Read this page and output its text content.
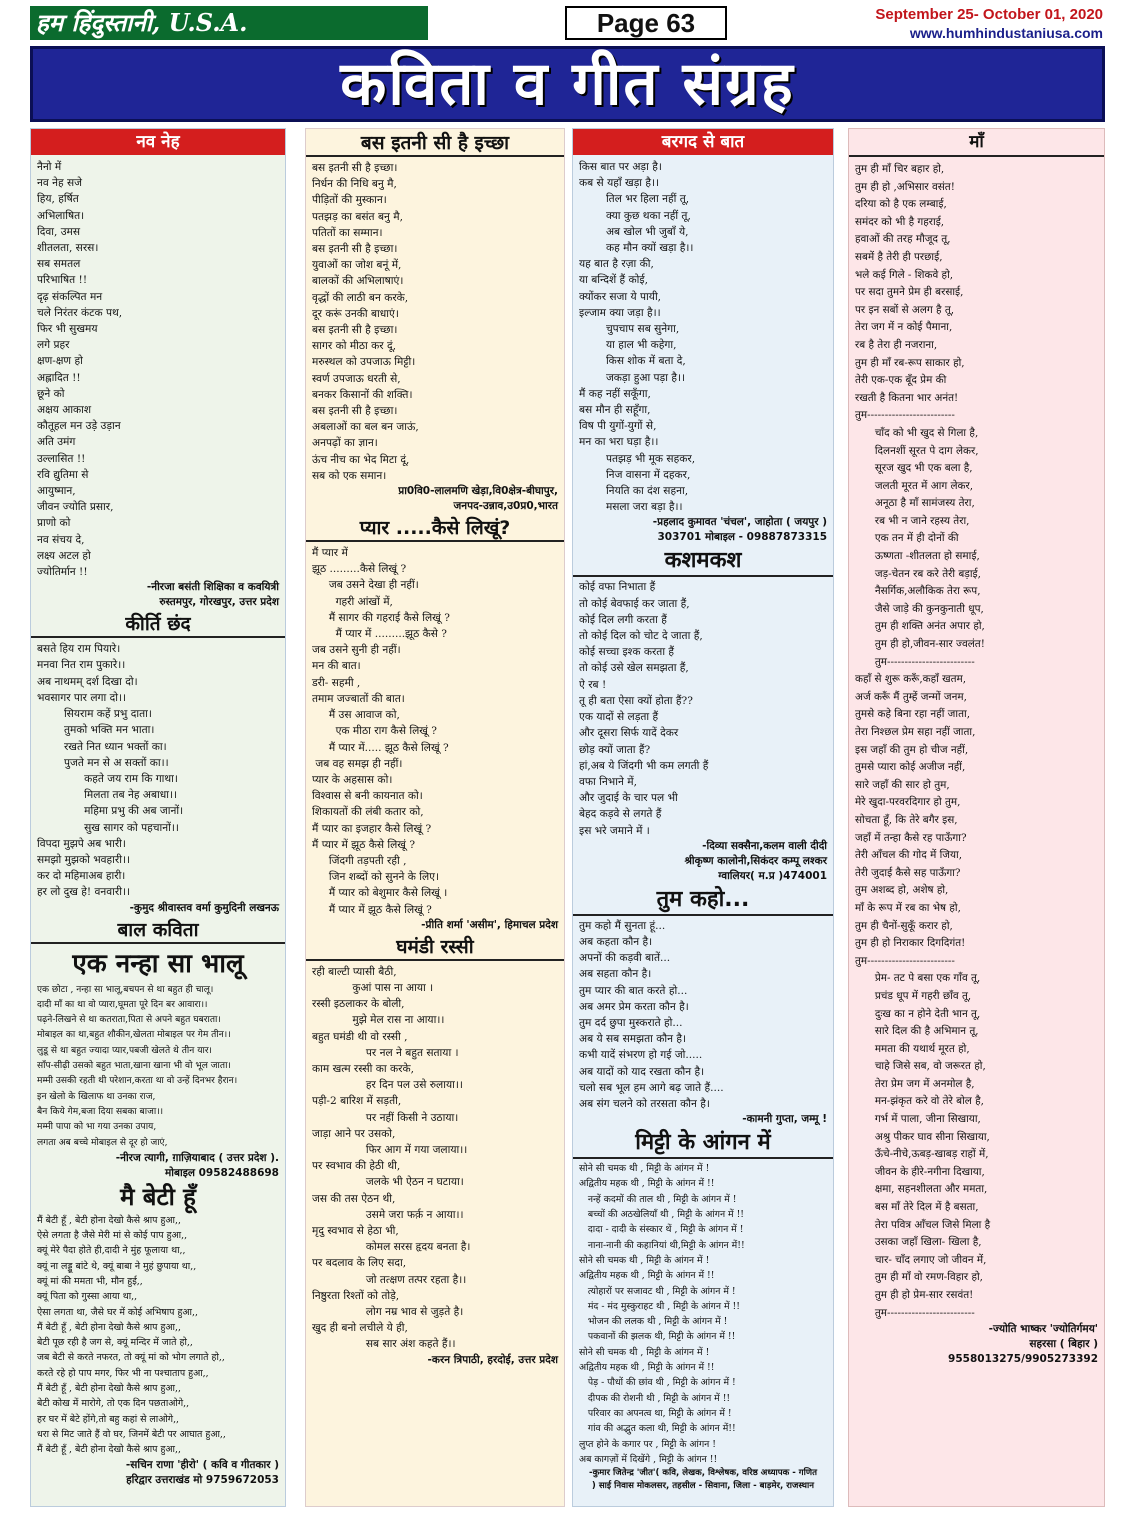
हम हिंदुस्तानी, U.S.A.	Page 63	September 25- October 01, 2020
www.humhindustaniusa.com
कविता व गीत संग्रह
नव नेह
नैनो में
नव नेह सजे
हिय, हर्षित
अभिलाषित।
दिवा, उमस
शीतलता, सरस।
सब समतल
परिभाषित !!
दृढ़ संकल्पित मन
चले निरंतर कंटक पथ,
फिर भी सुखमय
लगे प्रहर
क्षण-क्षण हो
अह्लादित !!
छूने को
अक्षय आकाश
कौतूहल मन उड़े उड़ान
अति उमंग
उल्लासित !!
रवि द्युतिमा से
आयुष्मान,
जीवन ज्योति प्रसार,
प्राणो को
नव संचय दे,
लक्ष्य अटल हो
ज्योतिर्मान !!
-नीरजा बसंती शिक्षिका व कवयित्री
रुस्तमपुर, गोरखपुर, उत्तर प्रदेश
कीर्ति छंद
बसते हिय राम पियारे।
मनवा नित राम पुकारे।।
अब नाथमम् दर्श दिखा दो।
भवसागर पार लगा दो।।
सियराम कहें प्रभु दाता।
तुमको भक्ति मन भाता।
रखते नित ध्यान भक्तों का।
पुजते मन से अ सक्तों का।।
कहते जय राम कि गाथा।
मिलता तब नेह अबाधा।।
महिमा प्रभु की अब जानों।
सुख सागर को पहचानों।।
विपदा मुझपे अब भारी।
समझो मुझको भवहारी।।
कर दो महिमाअब हारी।
हर लो दुख हे! वनवारी।।
-कुमुद श्रीवास्तव वर्मा कुमुदिनी लखनऊ
बाल कविता
एक नन्हा सा भालू
एक छोटा , नन्हा सा भालू,बचपन से था बहुत ही चालू।
दादी माँ का था वो प्यारा,घूमता पूरे दिन बर आवारा।।
पढ़ने-लिखने से था कतराता,पिता से अपने बहुत घबराता।
मोबाइल का था,बहुत शौकीन,खेलता मोबाइल पर गेम तीन।।
लुडू से था बहुत ज्यादा प्यार,पबजी खेलते थे तीन यार।
साँप-सीढ़ी उसको बहुत भाता,खाना खाना भी वो भूल जाता।
मम्मी उसकी रहती थी परेशान,करता था वो उन्हें दिनभर हैरान।
इन खेलो के खिलाफ था उनका राज,
बैन किये गेम,बजा दिया सबका बाजा।।
मम्मी पापा को भा गया उनका उपाय,
लगता अब बच्चे मोबाइल से दूर हो जाएं,
-नीरज त्यागी, ग़ाज़ियाबाद ( उत्तर प्रदेश ).
मोबाइल 09582488698
मै बेटी हूँ
मैं बेटी हूँ , बेटी होना देखो कैसे श्राप हुआ,,
ऐसे लगता है जैसे मेरी मां से कोई पाप हुआ,,
क्यूं मेरे पैदा होते ही,दादी ने मुंह फूलाया था,,
क्यूं ना लड्डू बांटे थे, क्यूं बाबा ने मुहं छुपाया था,,
क्यूं मां की ममता भी, मौन हुई,,
क्यूं पिता को गुस्सा आया था,,
ऐसा लगता था, जैसे घर में कोई अभिषाप हुआ,,
मैं बेटी हूँ , बेटी होना देखो कैसे श्राप हुआ,,
बेटी पूछ रही है जग से, क्यूं मन्दिर में जाते हो,,
जब बेटी से करते नफरत, तो क्यूं मां को भोग लगाते हो,,
करते रहे हो पाप मगर, फिर भी ना पश्चाताप हुआ,,
मैं बेटी हूँ , बेटी होना देखो कैसे श्राप हुआ,,
बेटी कोख में मारोगे, तो एक दिन पछताओगे,,
हर घर में बेटे होंगे,तो बहु कहां से लाओगे,,
धरा से मिट जाते हैं वो घर, जिनमें बेटी पर आघात हुआ,,
मैं बेटी हूँ , बेटी होना देखो कैसे श्राप हुआ,,
-सचिन राणा 'हीरो' ( कवि व गीतकार )
हरिद्वार उत्तराखंड मो 9759672053
बस इतनी सी है इच्छा
बस इतनी सी है इच्छा।
निर्धन की निधि बनु मै,
पीड़ितों की मुस्कान।
पतझड़ का बसंत बनु मै,
पतितों का सम्मान।
बस इतनी सी है इच्छा।
युवाओं का जोश बनूं में,
बालकों की अभिलाषाएं।
वृद्धों की लाठी बन करके,
दूर करूं उनकी बाधाएं।
बस इतनी सी है इच्छा।
सागर को मीठा कर दूं,
मरुस्थल को उपजाऊ मिट्टी।
स्वर्ण उपजाऊ धरती से,
बनकर किसानों की शक्ति।
बस इतनी सी है इच्छा।
अबलाओं का बल बन जाऊं,
अनपढ़ों का ज्ञान।
ऊंच नीच का भेद मिटा दूं,
सब को एक समान।
प्रा0वि0-लालमणि खेड़ा,वि0क्षेत्र-बीघापुर,
जनपद-उन्नाव,उ0प्र0,भारत
प्यार .....कैसे लिखूं?
मैं प्यार में
झूठ .........कैसे लिखूं ?
जब उसने देखा ही नहीं।
गहरी आंखों में,
मैं सागर की गहराई कैसे लिखूं ?
मैं प्यार में .........झूठ कैसे ?
जब उसने सुनी ही नहीं।
मन की बात।
डरी- सहमी ,
तमाम जज्बातों की बात।
मैं उस आवाज को,
एक मीठा राग कैसे लिखूं ?
मैं प्यार में..... झूठ कैसे लिखूं ?
जब वह समझ ही नहीं।
प्यार के अहसास को।
विश्वास से बनी कायनात को।
शिकायतों की लंबी कतार को,
मैं प्यार का इजहार कैसे लिखूं ?
मैं प्यार में झूठ कैसे लिखूं ?
जिंदगी तड़पती रही ,
जिन शब्दों को सुनने के लिए।
मैं प्यार को बेशुमार कैसे लिखूं ।
मैं प्यार में झूठ कैसे लिखूं ?
-प्रीति शर्मा 'असीम', हिमाचल प्रदेश
घमंडी रस्सी
रही बाल्टी प्यासी बैठी,
कुआं पास ना आया ।
रस्सी इठलाकर के बोली,
मुझे मेल रास ना आया।।
बहुत घमंडी थी वो रस्सी ,
पर नल ने बहुत सताया ।
काम खत्म रस्सी का करके,
हर दिन पल उसे रुलाया।।
पड़ी-2 बारिश में सड़ती,
पर नहीं किसी ने उठाया।
जाड़ा आने पर उसको,
फिर आग में गया जलाया।।
पर स्वभाव की हेठी थी,
जलके भी ऐठन न घटाया।
जस की तस ऐठन थी,
उसमे जरा फर्क़ न आया।।
मृदु स्वभाव से हेठा भी,
कोमल सरस हृदय बनता है।
पर बदलाव के लिए सदा,
जो तत्क्षण तत्पर रहता है।।
निष्ठुरता रिश्तों को तोड़े,
लोग नम्र भाव से जुड़ते है।
खुद ही बनो लचीले ये ही,
सब सार अंश कहते हैं।।
-करन त्रिपाठी, हरदोई, उत्तर प्रदेश
बरगद से बात
किस बात पर अड़ा है।
कब से यहाँ खड़ा है।।
तिल भर हिला नहीं तू,
क्या कुछ थका नहीं तू,
अब खोल भी जुबाँ ये,
कह मौन क्यों खड़ा है।।
यह बात है रज़ा की,
या बन्दिशें हैं कोई,
क्योंकर सजा ये पायी,
इल्जाम क्या जड़ा है।।
चुपचाप सब सुनेगा,
या हाल भी कहेगा,
किस शोक में बता दे,
जकड़ा हुआ पड़ा है।।
मैं कह नहीं सकूँगा,
बस मौन ही सहूँगा,
विष पी युगों-युगों से,
मन का भरा घड़ा है।।
पतझड़ भी मूक सहकर,
निज वासना में दहकर,
नियति का दंश सहना,
मसला जरा बड़ा है।।
-प्रहलाद कुमावत 'चंचल', जाहोता ( जयपुर )
303701 मोबाइल - 09887873315
कशमकश
कोई वफा निभाता हैं
तो कोई बेवफाई कर जाता हैं,
कोई दिल लगी करता हैं
तो कोई दिल को चोट दे जाता हैं,
कोई सच्चा इश्क करता हैं
तो कोई उसे खेल समझता हैं,
ऐ रब !
तू ही बता ऐसा क्यों होता हैं??
एक यादों से लड़ता हैं
और दूसरा सिर्फ यादें देकर
छोड़ क्यों जाता हैं?
हां,अब ये जिंदगी भी कम लगती हैं
वफा निभाने में,
और जुदाई के चार पल भी
बेहद कड़वे से लगते हैं
इस भरे जमाने में ।
-दिव्या सक्सैना,कलम वाली दीदी
श्रीकृष्ण कालोनी,सिकंदर कम्पू लश्कर
ग्वालियर( म.प्र )474001
तुम कहो...
तुम कहो मैं सुनता हूं...
अब कहता कौन है।
अपनों की कड़वी बातें...
अब सहता कौन है।
तुम प्यार की बात करते हो...
अब अमर प्रेम करता कौन है।
तुम दर्द छुपा मुस्कराते हो...
अब ये सब समझता कौन है।
कभी यादें संभरण हो गई जो.....
अब यादों को याद रखता कौन है।
चलो सब भूल हम आगे बढ़ जाते हैं....
अब संग चलने को तरसता कौन है।
-कामनी गुप्ता, जम्मू !
मिट्टी के आंगन में
सोने सी चमक थी , मिट्टी के आंगन में !
अद्वितीय महक थी , मिट्टी के आंगन में !!
नन्हें कदमों की ताल थी , मिट्टी के आंगन में !
बच्चों की अठखेलियाँ थी , मिट्टी के आंगन में !!
दादा - दादी के संस्कार थें , मिट्टी के आंगन में !
नाना-नानी की कहानियां थी,मिट्टी के आंगन में!!
सोने सी चमक थी , मिट्टी के आंगन में !
अद्वितीय महक थी , मिट्टी के आंगन में !!
त्योहारों पर सजावट थी , मिट्टी के आंगन में !
मंद - मंद मुस्कुराहट थी , मिट्टी के आंगन में !!
भोजन की ललक थी , मिट्टी के आंगन में !
पकवानों की झलक थी, मिट्टी के आंगन में !!
सोने सी चमक थी , मिट्टी के आंगन में !
अद्वितीय महक थी , मिट्टी के आंगन में !!
पेड़ - पौधों की छांव थी , मिट्टी के आंगन में !
दीपक की रोशनी थी , मिट्टी के आंगन में !!
परिवार का अपनत्व था, मिट्टी के आंगन में !
गांव की अद्भुत कला थी, मिट्टी के आंगन में!!
लुप्त होने के कगार पर , मिट्टी के आंगन !
अब कागज़ों में दिखेंगे , मिट्टी के आंगन !!
-कुमार जितेन्द्र 'जीत'( कवि, लेखक, विश्लेषक, वरिष्ठ अध्यापक - गणित
) साई निवास मोकलसर, तहसील - सिवाना, जिला - बाड़मेर, राजस्थान
माँ
तुम ही माँ चिर बहार हो,
तुम ही हो ,अभिसार वसंत!
दरिया को है एक लम्बाई,
समंदर को भी है गहराई,
हवाओं की तरह मौजूद तू,
सबमें है तेरी ही परछाई,
भले कई गिले - शिकवे हो,
पर सदा तुमने प्रेम ही बरसाई,
पर इन सबों से अलग है तू,
तेरा जग में न कोई पैमाना,
रब है तेरा ही नजराना,
तुम ही माँ रब-रूप साकार हो,
तेरी एक-एक बूँद प्रेम की
रखती है कितना भार अनंत!
तुम-------------------------
चाँद को भी खुद से गिला है,
दिलनशीं सूरत पे दाग लेकर,
सूरज खुद भी एक बला है,
जलती मूरत में आग लेकर,
अनूठा है माँ सामंजस्य तेरा,
रब भी न जाने रहस्य तेरा,
एक तन में ही दोनों की
ऊष्णता -शीतलता हो समाई,
जड़-चेतन रब करे तेरी बड़ाई,
नैसर्गिक,अलौकिक तेरा रूप,
जैसे जाड़े की कुनकुनाती धूप,
तुम ही शक्ति अनंत अपार हो,
तुम ही हो,जीवन-सार ज्वलंत!
तुम-------------------------
कहाँ से शुरू करूँ,कहाँ खतम,
अर्ज करूँ मैं तुम्हें जन्मों जनम,
तुमसे कहे बिना रहा नहीं जाता,
तेरा निश्छल प्रेम सहा नहीं जाता,
इस जहाँ की तुम हो चीज नहीं,
तुमसे प्यारा कोई अजीज नहीं,
सारे जहाँ की सार हो तुम,
मेरे खुदा-परवरदिगार हो तुम,
सोचता हूँ, कि तेरे बगैर इस,
जहाँ में तन्हा कैसे रह पाऊँगा?
तेरी आँचल की गोद में जिया,
तेरी जुदाई कैसे सह पाऊँगा?
तुम अशब्द हो, अशेष हो,
माँ के रूप में रब का भेष हो,
तुम ही चैनों-सुकूँ करार हो,
तुम ही हो निराकार दिगदिगंत!
तुम-------------------------
प्रेम- तट पे बसा एक गाँव तू,
प्रचंड धूप में गहरी छाँव तू,
दुःख का न होने देती भान तू,
सारे दिल की है अभिमान तू,
ममता की यथार्थ मूरत हो,
चाहे जिसे सब, वो जरूरत हो,
तेरा प्रेम जग में अनमोल है,
मन-झंकृत करे वो तेरे बोल है,
गर्भ में पाला, जीना सिखाया,
अश्रु पीकर घाव सीना सिखाया,
ऊँचे-नीचे,ऊबड़-खाबड़ राहों में,
जीवन के हीरे-नगीना दिखाया,
क्षमा, सहनशीलता और ममता,
बस माँ तेरे दिल में है बसता,
तेरा पवित्र आँचल जिसे मिला है
उसका जहाँ खिला- खिला है,
चार- चाँद लगाए जो जीवन में,
तुम ही माँ वो रमण-विहार हो,
तुम ही हो प्रेम-सार रसवंत!
तुम-------------------------
-ज्योति भाष्कर 'ज्योतिर्गमय'
सहरसा ( बिहार )
9558013275/9905273392
